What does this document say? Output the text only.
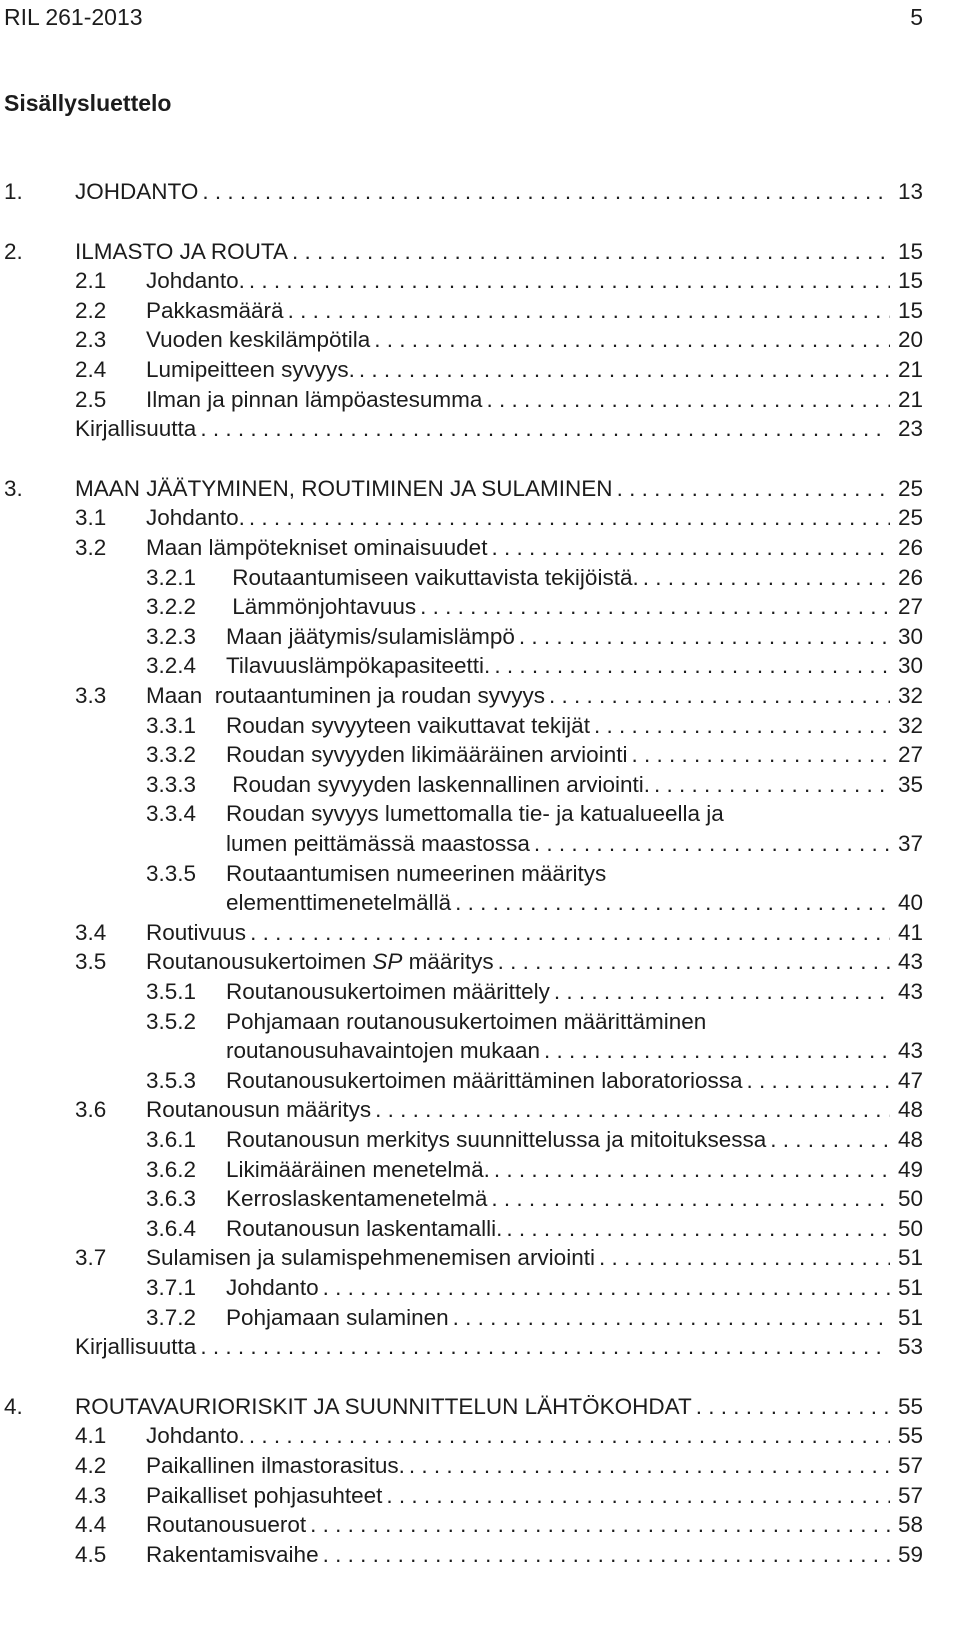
RIL 261-2013	5
Sisällysluettelo
1. JOHDANTO . . .	13
2. ILMASTO JA ROUTA . . .	15
2.1 Johdanto. . . .	15
2.2 Pakkasmäärä . . .	15
2.3 Vuoden keskilämpötila . . .	20
2.4 Lumipeitteen syvyys. . . .	21
2.5 Ilman ja pinnan lämpöastesumma . . .	21
Kirjallisuutta . . .	23
3. MAAN JÄÄTYMINEN, ROUTIMINEN JA SULAMINEN . . .	25
3.1 Johdanto. . . .	25
3.2 Maan lämpötekniset ominaisuudet . . .	26
3.2.1 Routaantumiseen vaikuttavista tekijöistä. . . .	26
3.2.2 Lämmönjohtavuus . . .	27
3.2.3 Maan jäätymis/sulamislämpö . . .	30
3.2.4 Tilavuuslämpökapasiteetti. . . .	30
3.3 Maan  routaantuminen ja roudan syvyys . . .	32
3.3.1 Roudan syvyyteen vaikuttavat tekijät . . .	32
3.3.2 Roudan syvyyden likimääräinen arviointi . . .	27
3.3.3 Roudan syvyyden laskennallinen arviointi. . . .	35
3.3.4 Roudan syvyys lumettomalla tie- ja katualueella ja
lumen peittämässä maastossa . . .	37
3.3.5 Routaantumisen numeerinen määritys
elementtimenetelmällä . . .	40
3.4 Routivuus . . .	41
3.5 Routanousukertoimen SP määritys . . .	43
3.5.1 Routanousukertoimen määrittely . . .	43
3.5.2 Pohjamaan routanousukertoimen määrittäminen
routanousuhavaintojen mukaan . . .	43
3.5.3 Routanousukertoimen määrittäminen laboratoriossa . . .	47
3.6 Routanousun määritys . . .	48
3.6.1 Routanousun merkitys suunnittelussa ja mitoituksessa . . .	48
3.6.2 Likimääräinen menetelmä. . . .	49
3.6.3 Kerroslaskentamenetelmä . . .	50
3.6.4 Routanousun laskentamalli. . . .	50
3.7 Sulamisen ja sulamispehmenemisen arviointi . . .	51
3.7.1 Johdanto . . .	51
3.7.2 Pohjamaan sulaminen . . .	51
Kirjallisuutta . . .	53
4. ROUTAVAURIORISKIT JA SUUNNITTELUN LÄHTÖKOHDAT . . .	55
4.1 Johdanto. . . .	55
4.2 Paikallinen ilmastorasitus. . . .	57
4.3 Paikalliset pohjasuhteet . . .	57
4.4 Routanousuerot . . .	58
4.5 Rakentamisvaihe . . .	59
